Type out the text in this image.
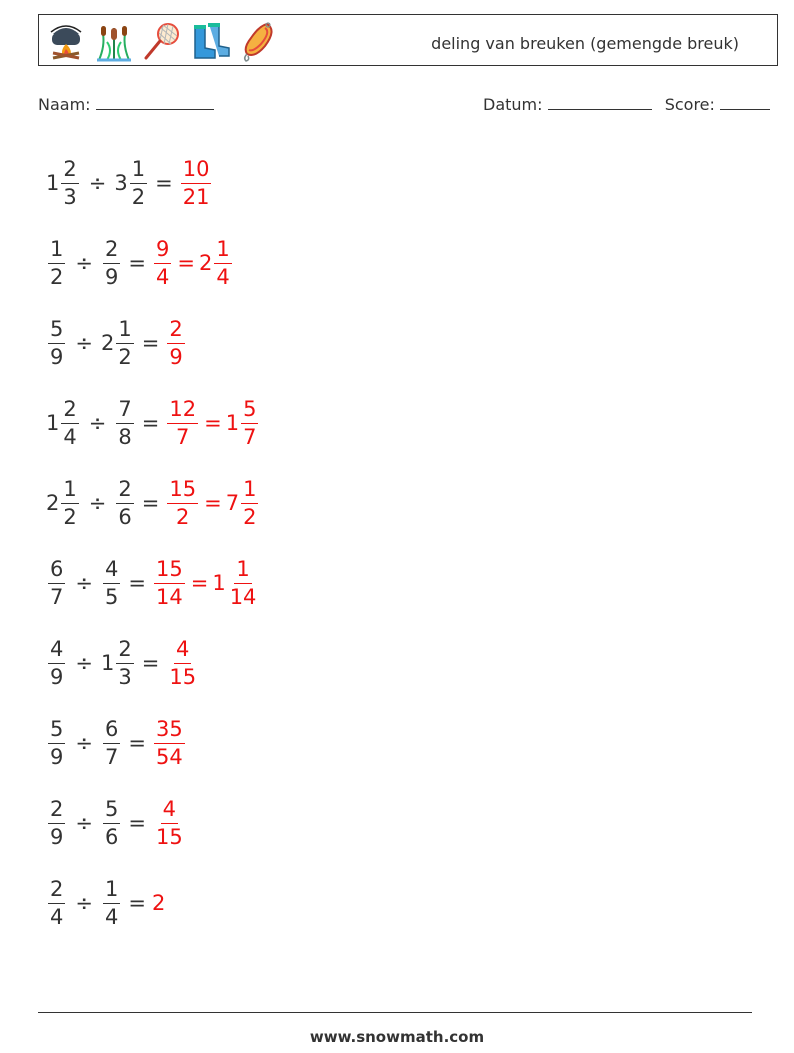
deling van breuken (gemengde breuk)
Naam:	Datum:	Score:
$1 \frac{2}{3} \div 3 \frac{1}{2} = \frac{10}{21}$
$\frac{1}{2} \div \frac{2}{9} = \frac{9}{4} = 2 \frac{1}{4}$
$\frac{5}{9} \div 2 \frac{1}{2} = \frac{2}{9}$
$1 \frac{2}{4} \div \frac{7}{8} = \frac{12}{7} = 1 \frac{5}{7}$
$2 \frac{1}{2} \div \frac{2}{6} = \frac{15}{2} = 7 \frac{1}{2}$
$\frac{6}{7} \div \frac{4}{5} = \frac{15}{14} = 1 \frac{1}{14}$
$\frac{4}{9} \div 1 \frac{2}{3} = \frac{4}{15}$
$\frac{5}{9} \div \frac{6}{7} = \frac{35}{54}$
$\frac{2}{9} \div \frac{5}{6} = \frac{4}{15}$
$\frac{2}{4} \div \frac{1}{4} = 2$
www.snowmath.com
